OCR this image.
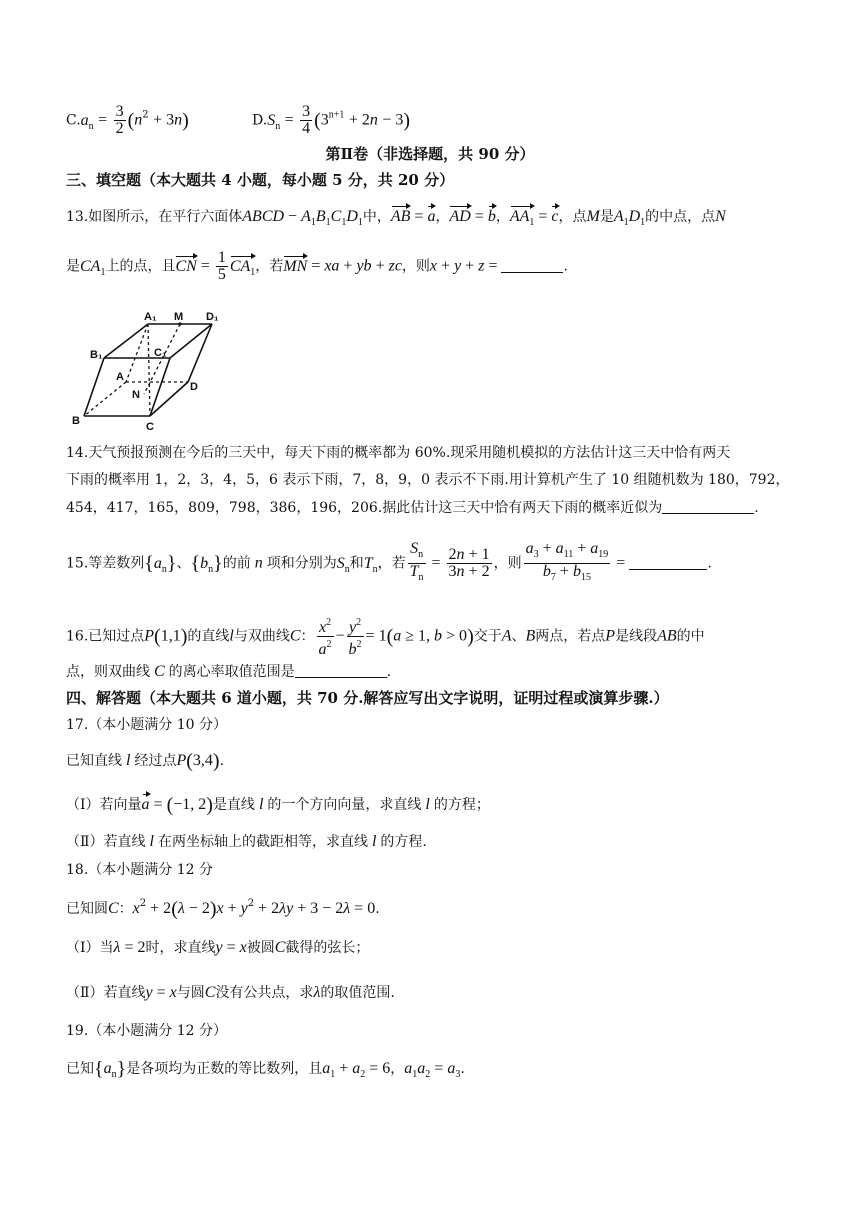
$C.a_n = \frac{3}{2} (n^2 + 3n)$	$D.S_n = \frac{3}{4} (3^{n+1} + 2n - 3)$
第Ⅱ卷（非选择题，共 90 分）
三、填空题（本大题共 4 小题，每小题 5 分，共 20 分）
13.如图所示，在平行六面体ABCD − $A_1B_1C_1D_1$中，AB = a，AD = b，$AA_1 = c$，点M是$A_1D_1$的中点，点N
是$CA_1$上的点，且CN = $\frac{1}{5} CA_1$，若MN = xa + yb + zc，则x + y + z =	.
A₁ M D₁
B₁	C₁
A
D
N
B	C
14.天气预报预测在今后的三天中，每天下雨的概率都为 60%.现采用随机模拟的方法估计这三天中恰有两天
下雨的概率用 1，2，3，4，5，6 表示下雨，7，8，9，0 表示不下雨.用计算机产生了 10 组随机数为 180，792，
454，417，165，809，798，386，196，206.据此估计这三天中恰有两天下雨的概率近似为	.
15.等差数列$\{a_n\}$、$\{b_n\}$的前 n 项和分别为$S_n$和$T_n$，若 $\frac{S_n}{T_n} = \frac{2n + 1}{3n + 2}$ ，则 $\frac{a_3 + a_{11} + a_{19}}{b_7 + b_{15}}$ =	.
16.已知过点P(1,1)的直线l与双曲线C： $\frac{x^2}{a^2} - \frac{y^2}{b^2} = 1(a \ge 1$, b > 0)交于A、B两点，若点P是线段AB的中
点，则双曲线 C 的离心率取值范围是	.
四、解答题（本大题共 6 道小题，共 70 分.解答应写出文字说明，证明过程或演算步骤.）
17.（本小题满分 10 分）
已知直线 l 经过点P(3,4).
（I）若向量a = (−1, 2)是直线 l 的一个方向向量，求直线 l 的方程；
（Ⅱ）若直线 l 在两坐标轴上的截距相等，求直线 l 的方程.
18.（本小题满分 12 分
已知圆C：$x^2 + 2(\lambda - 2)x + y^2 + 2\lambda y + 3 - 2\lambda = 0$.
（I）当λ = 2时，求直线y = x被圆C截得的弦长；
（Ⅱ）若直线y = x与圆C没有公共点，求λ的取值范围.
19.（本小题满分 12 分）
已知$\{a_n\}$是各项均为正数的等比数列，且$a_1 + a_2 = 6$，$a_1a_2 = a_3$.
